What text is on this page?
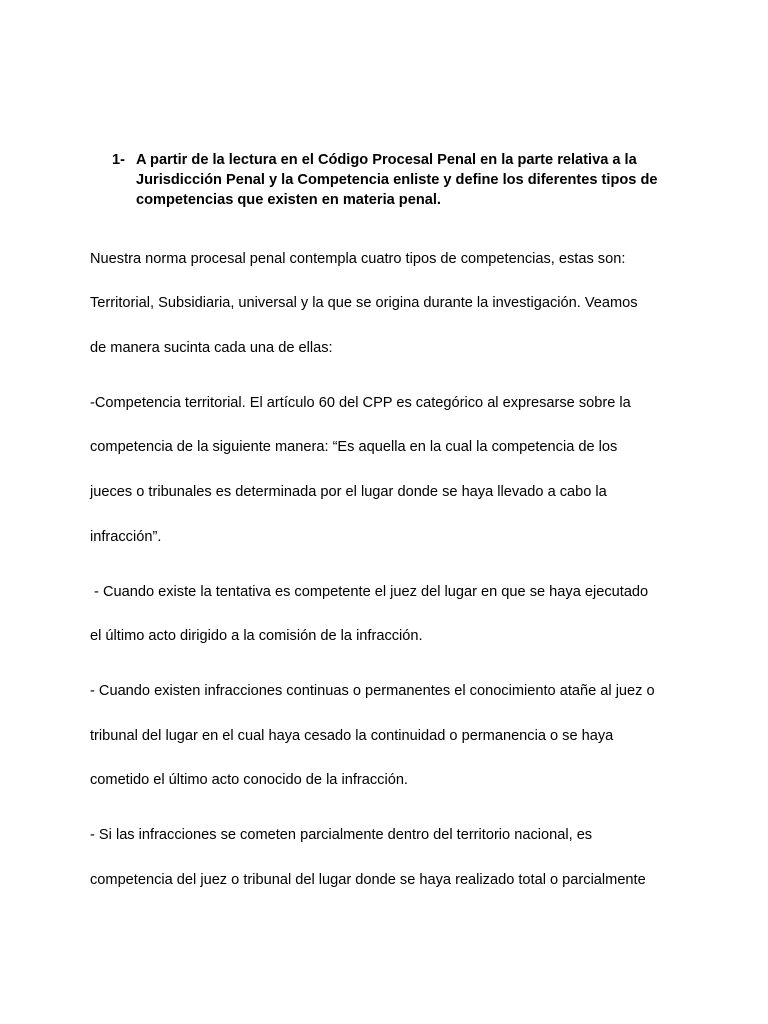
1- A partir de la lectura en el Código Procesal Penal en la parte relativa a la Jurisdicción Penal y la Competencia enliste y define los diferentes tipos de competencias que existen en materia penal.
Nuestra norma procesal penal contempla cuatro tipos de competencias, estas son:
Territorial, Subsidiaria, universal y la que se origina durante la investigación. Veamos
de manera sucinta cada una de ellas:
-Competencia territorial. El artículo 60 del CPP es categórico al expresarse sobre la
competencia de la siguiente manera: “Es aquella en la cual la competencia de los
jueces o tribunales es determinada por el lugar donde se haya llevado a cabo la
infracción”.
- Cuando existe la tentativa es competente el juez del lugar en que se haya ejecutado
el último acto dirigido a la comisión de la infracción.
- Cuando existen infracciones continuas o permanentes el conocimiento atañe al juez o
tribunal del lugar en el cual haya cesado la continuidad o permanencia o se haya
cometido el último acto conocido de la infracción.
- Si las infracciones se cometen parcialmente dentro del territorio nacional, es
competencia del juez o tribunal del lugar donde se haya realizado total o parcialmente
